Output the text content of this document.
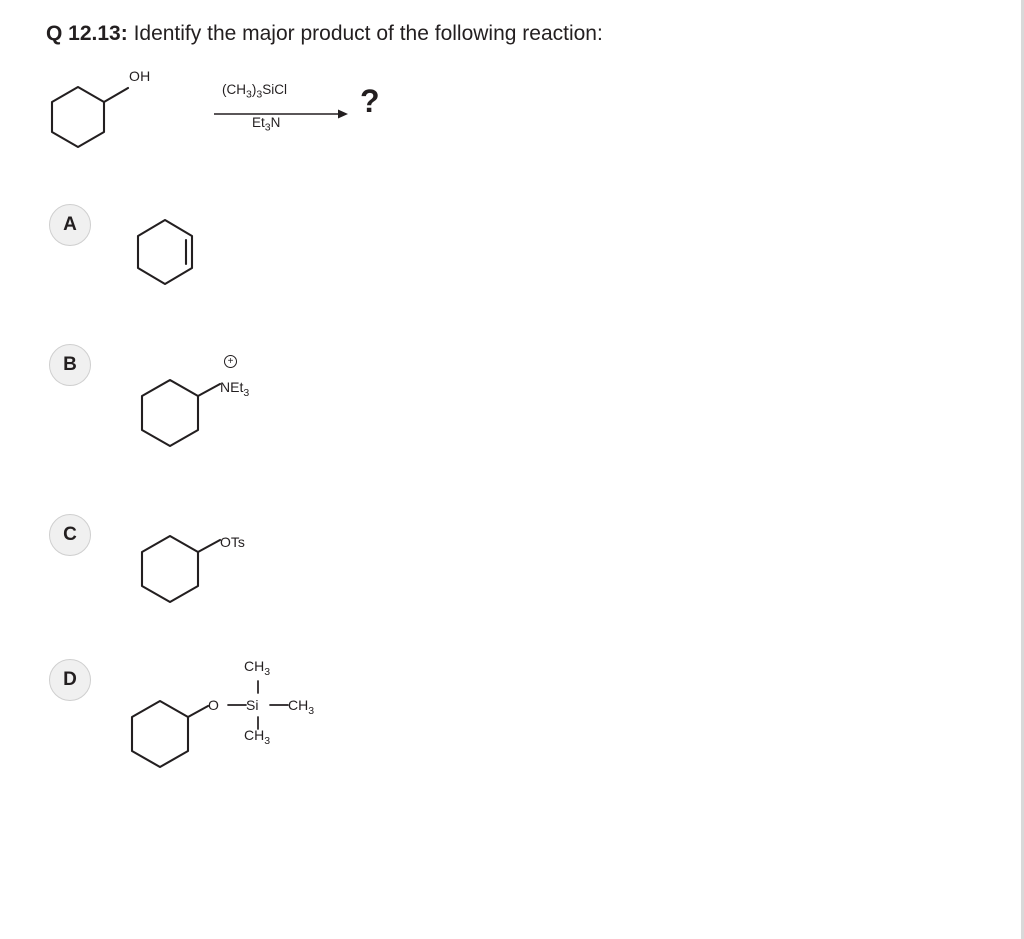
Q 12.13: Identify the major product of the following reaction:
OH
$(CH_3)_3SiCl$
$Et_3N$
?
A
B
NEt$_3$
+
C	OTs
D
O Si $CH_3$
$CH_3$
$CH_3$
